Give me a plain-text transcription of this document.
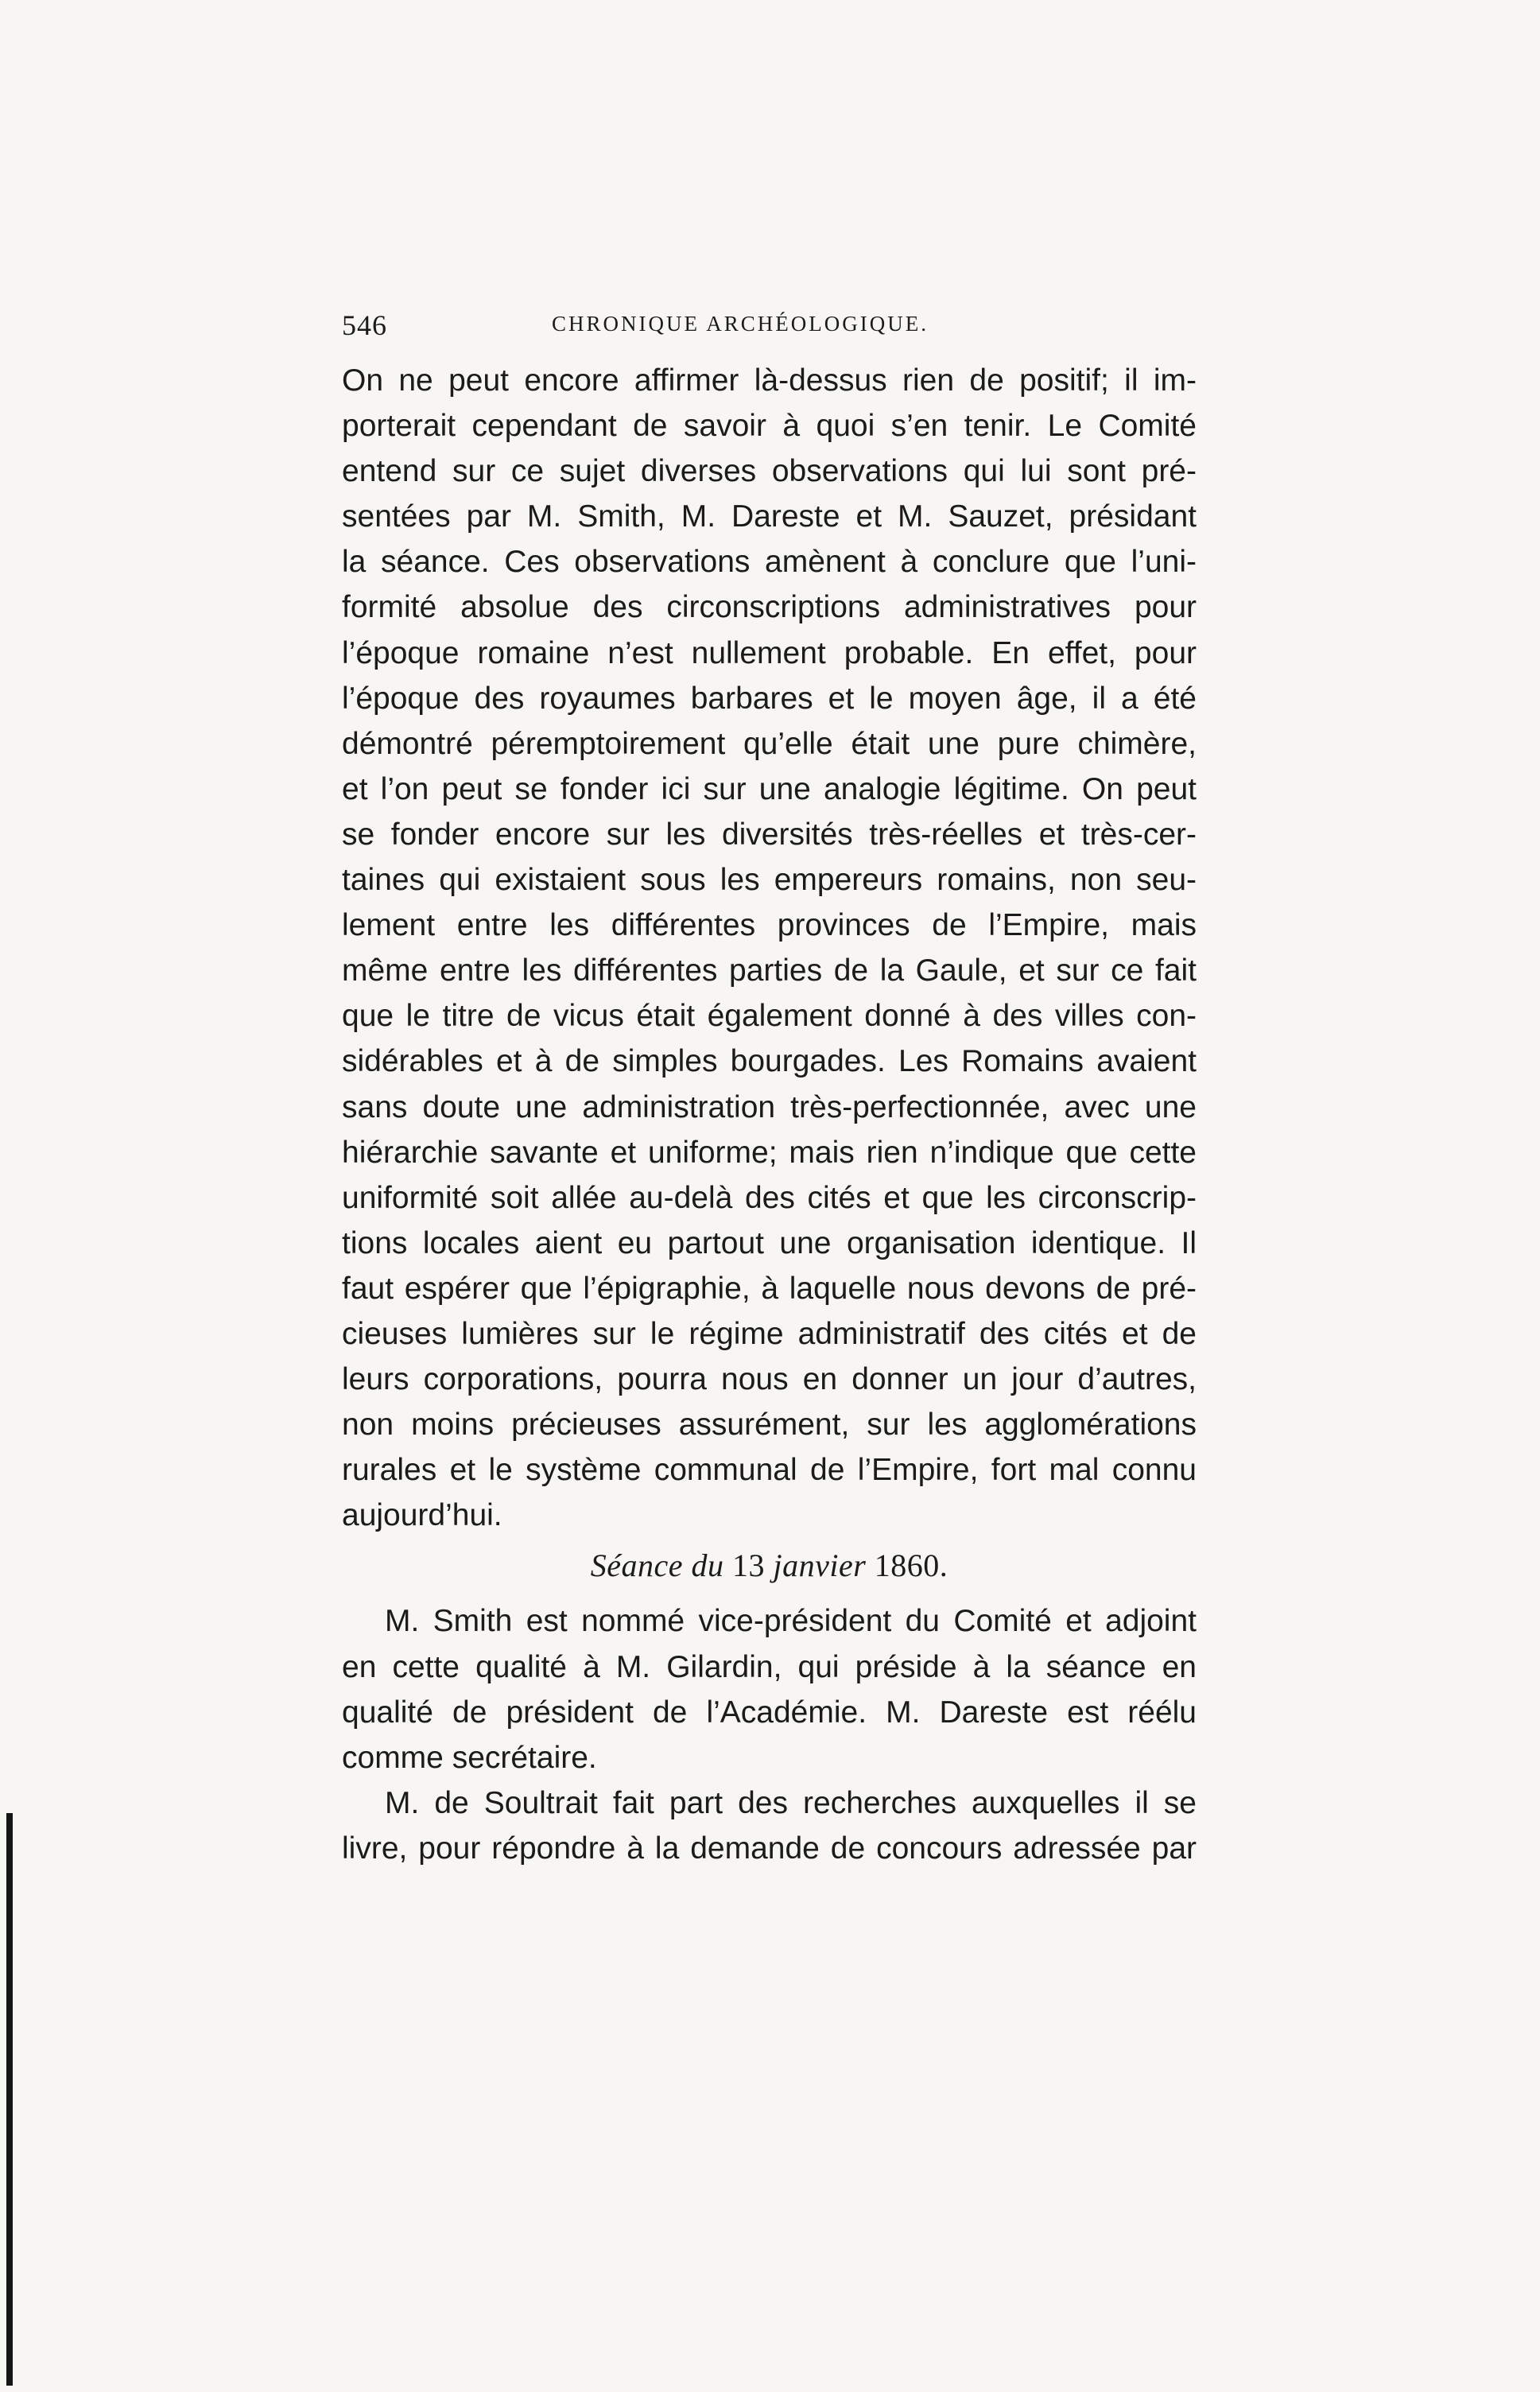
546	CHRONIQUE ARCHÉOLOGIQUE.
On ne peut encore affirmer là-dessus rien de positif; il im-
porterait cependant de savoir à quoi s’en tenir. Le Comité
entend sur ce sujet diverses observations qui lui sont pré-
sentées par M. Smith, M. Dareste et M. Sauzet, présidant
la séance. Ces observations amènent à conclure que l’uni-
formité absolue des circonscriptions administratives pour
l’époque romaine n’est nullement probable. En effet, pour
l’époque des royaumes barbares et le moyen âge, il a été
démontré péremptoirement qu’elle était une pure chimère,
et l’on peut se fonder ici sur une analogie légitime. On peut
se fonder encore sur les diversités très-réelles et très-cer-
taines qui existaient sous les empereurs romains, non seu-
lement entre les différentes provinces de l’Empire, mais
même entre les différentes parties de la Gaule, et sur ce fait
que le titre de vicus était également donné à des villes con-
sidérables et à de simples bourgades. Les Romains avaient
sans doute une administration très-perfectionnée, avec une
hiérarchie savante et uniforme; mais rien n’indique que cette
uniformité soit allée au-delà des cités et que les circonscrip-
tions locales aient eu partout une organisation identique. Il
faut espérer que l’épigraphie, à laquelle nous devons de pré-
cieuses lumières sur le régime administratif des cités et de
leurs corporations, pourra nous en donner un jour d’autres,
non moins précieuses assurément, sur les agglomérations
rurales et le système communal de l’Empire, fort mal connu
aujourd’hui.
Séance du 13 janvier 1860.
M. Smith est nommé vice-président du Comité et adjoint
en cette qualité à M. Gilardin, qui préside à la séance en
qualité de président de l’Académie. M. Dareste est réélu
comme secrétaire.
M. de Soultrait fait part des recherches auxquelles il se
livre, pour répondre à la demande de concours adressée par
